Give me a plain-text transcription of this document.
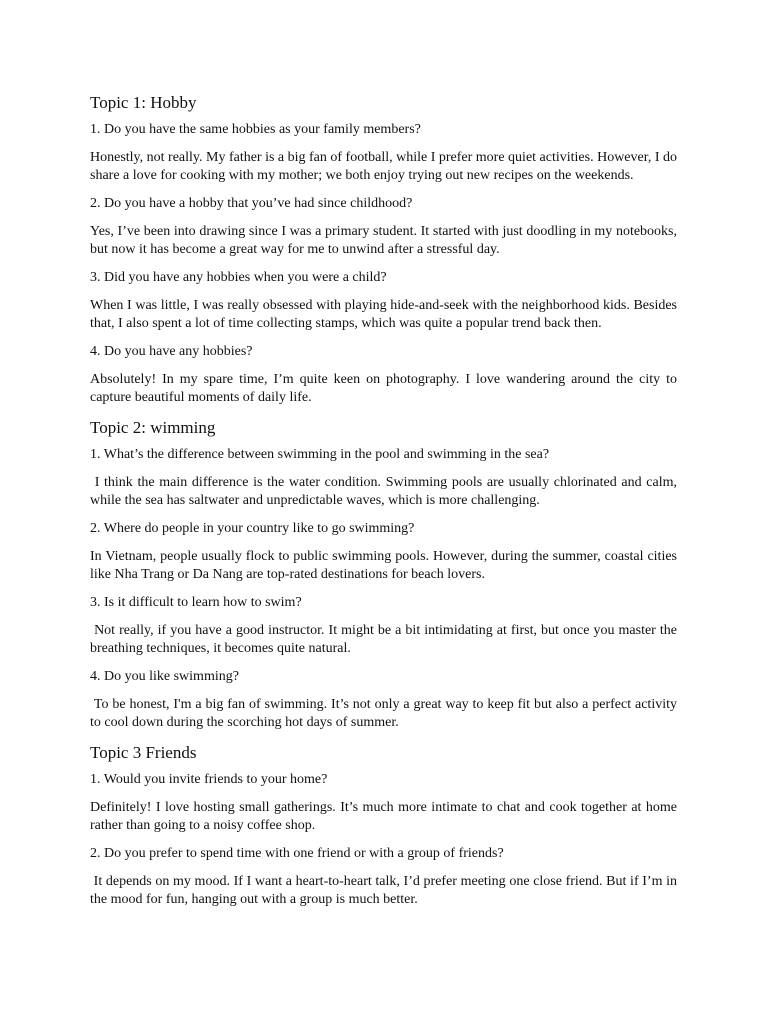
Topic 1: Hobby

1. Do you have the same hobbies as your family members?

Honestly, not really. My father is a big fan of football, while I prefer more quiet activities. However, I do share a love for cooking with my mother; we both enjoy trying out new recipes on the weekends.

2. Do you have a hobby that you’ve had since childhood?

Yes, I’ve been into drawing since I was a primary student. It started with just doodling in my notebooks, but now it has become a great way for me to unwind after a stressful day.

3. Did you have any hobbies when you were a child?

When I was little, I was really obsessed with playing hide-and-seek with the neighborhood kids. Besides that, I also spent a lot of time collecting stamps, which was quite a popular trend back then.

4. Do you have any hobbies?

Absolutely! In my spare time, I’m quite keen on photography. I love wandering around the city to capture beautiful moments of daily life.

Topic 2: wimming

1. What’s the difference between swimming in the pool and swimming in the sea?

I think the main difference is the water condition. Swimming pools are usually chlorinated and calm, while the sea has saltwater and unpredictable waves, which is more challenging.

2. Where do people in your country like to go swimming?

In Vietnam, people usually flock to public swimming pools. However, during the summer, coastal cities like Nha Trang or Da Nang are top-rated destinations for beach lovers.

3. Is it difficult to learn how to swim?

Not really, if you have a good instructor. It might be a bit intimidating at first, but once you master the breathing techniques, it becomes quite natural.

4. Do you like swimming?

To be honest, I'm a big fan of swimming. It’s not only a great way to keep fit but also a perfect activity to cool down during the scorching hot days of summer.

Topic 3 Friends

1. Would you invite friends to your home?

Definitely! I love hosting small gatherings. It’s much more intimate to chat and cook together at home rather than going to a noisy coffee shop.

2. Do you prefer to spend time with one friend or with a group of friends?

It depends on my mood. If I want a heart-to-heart talk, I’d prefer meeting one close friend. But if I’m in the mood for fun, hanging out with a group is much better.
